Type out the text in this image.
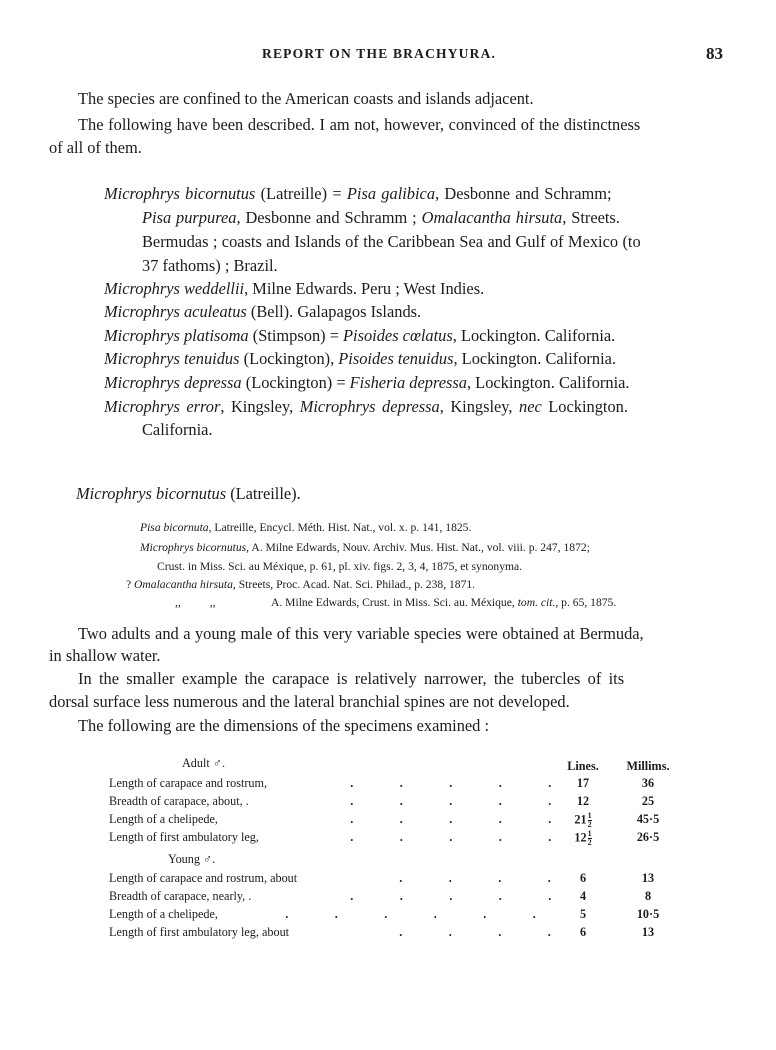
REPORT ON THE BRACHYURA.	83
The species are confined to the American coasts and islands adjacent.
The following have been described. I am not, however, convinced of the distinctness
of all of them.
Microphrys bicornutus (Latreille) = Pisa galibica, Desbonne and Schramm;
Pisa purpurea, Desbonne and Schramm ; Omalacantha hirsuta, Streets.
Bermudas ; coasts and Islands of the Caribbean Sea and Gulf of Mexico (to
37 fathoms) ; Brazil.
Microphrys weddellii, Milne Edwards. Peru ; West Indies.
Microphrys aculeatus (Bell). Galapagos Islands.
Microphrys platisoma (Stimpson) = Pisoides cœlatus, Lockington. California.
Microphrys tenuidus (Lockington), Pisoides tenuidus, Lockington. California.
Microphrys depressa (Lockington) = Fisheria depressa, Lockington. California.
Microphrys error, Kingsley, Microphrys depressa, Kingsley, nec Lockington.
California.
Microphrys bicornutus (Latreille).
Pisa bicornuta, Latreille, Encycl. Méth. Hist. Nat., vol. x. p. 141, 1825.
Microphrys bicornutus, A. Milne Edwards, Nouv. Archiv. Mus. Hist. Nat., vol. viii. p. 247, 1872;
Crust. in Miss. Sci. au Méxique, p. 61, pl. xiv. figs. 2, 3, 4, 1875, et synonyma.
? Omalacantha hirsuta, Streets, Proc. Acad. Nat. Sci. Philad., p. 238, 1871.
,,          ,,	A. Milne Edwards, Crust. in Miss. Sci. au. Méxique, tom. cit., p. 65, 1875.
Two adults and a young male of this very variable species were obtained at Bermuda,
in shallow water.
In the smaller example the carapace is relatively narrower, the tubercles of its
dorsal surface less numerous and the lateral branchial spines are not developed.
The following are the dimensions of the specimens examined :
Adult ♂.	Lines.	Millims.
Length of carapace and rostrum,	.	.	.	.	.	17	36
Breadth of carapace, about, .	.	.	.	.	.	12	25
Length of a chelipede,	.	.	.	.	.	$21 \frac{1}{2}$	45·5
Length of first ambulatory leg,	.	.	.	.	.	$12 \frac{1}{2}$	26·5
Young ♂.
Length of carapace and rostrum, about	.	.	.	.	6	13
Breadth of carapace, nearly, .	.	.	.	.	.	4	8
Length of a chelipede,	.	.	.	.	.	.	5	10·5
Length of first ambulatory leg, about	.	.	.	.	6	13
